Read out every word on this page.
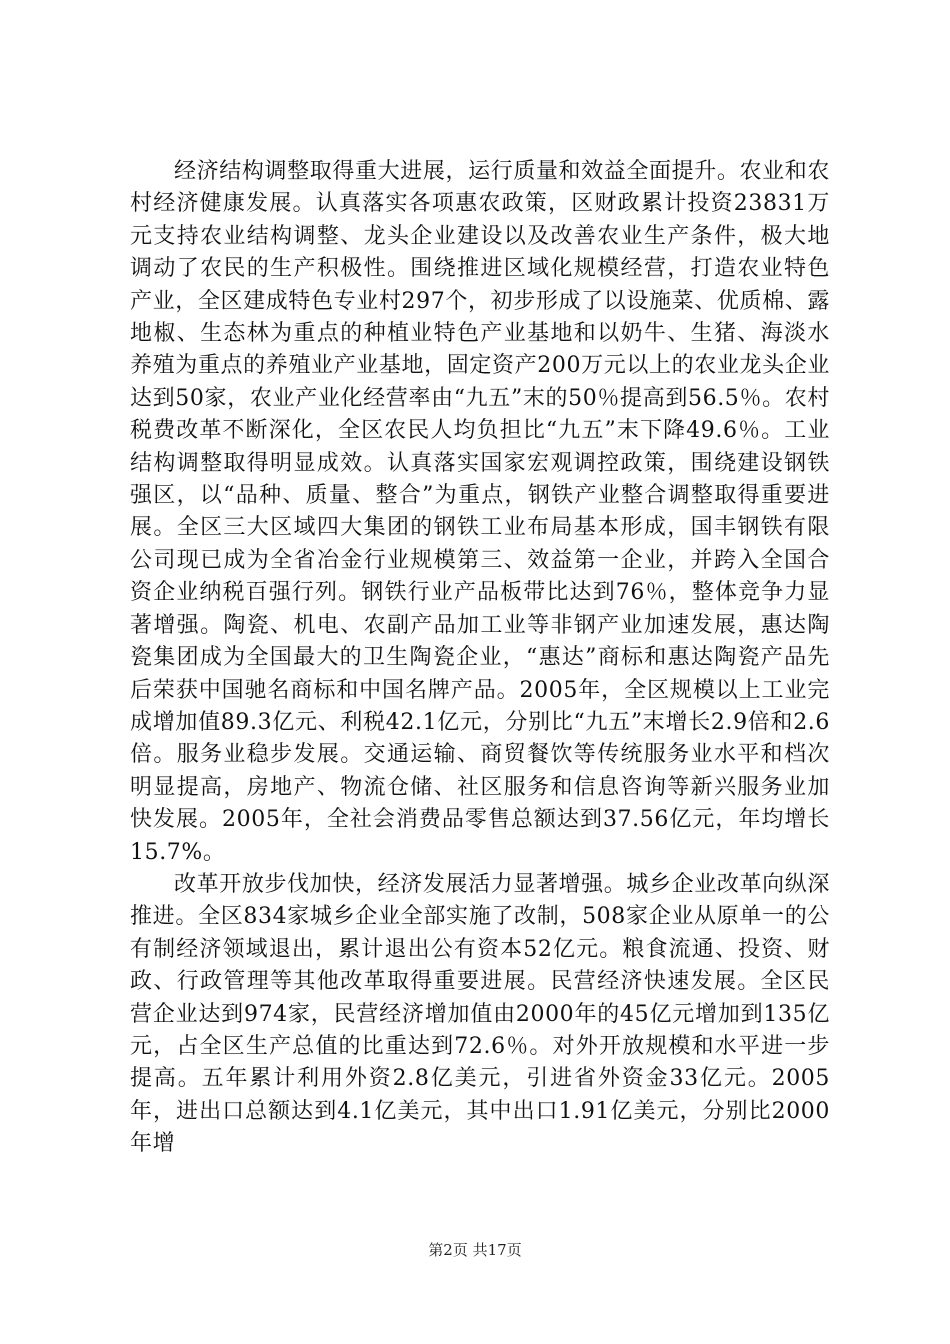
经济结构调整取得重大进展，运行质量和效益全面提升。农业和农村经济健康发展。认真落实各项惠农政策，区财政累计投资23831万元支持农业结构调整、龙头企业建设以及改善农业生产条件，极大地调动了农民的生产积极性。围绕推进区域化规模经营，打造农业特色产业，全区建成特色专业村297个，初步形成了以设施菜、优质棉、露地椒、生态林为重点的种植业特色产业基地和以奶牛、生猪、海淡水养殖为重点的养殖业产业基地，固定资产200万元以上的农业龙头企业达到50家，农业产业化经营率由“九五”末的50％提高到56.5％。农村税费改革不断深化，全区农民人均负担比“九五”末下降49.6％。工业结构调整取得明显成效。认真落实国家宏观调控政策，围绕建设钢铁强区，以“品种、质量、整合”为重点，钢铁产业整合调整取得重要进展。全区三大区域四大集团的钢铁工业布局基本形成，国丰钢铁有限公司现已成为全省冶金行业规模第三、效益第一企业，并跨入全国合资企业纳税百强行列。钢铁行业产品板带比达到76％，整体竞争力显著增强。陶瓷、机电、农副产品加工业等非钢产业加速发展，惠达陶瓷集团成为全国最大的卫生陶瓷企业，“惠达”商标和惠达陶瓷产品先后荣获中国驰名商标和中国名牌产品。2005年，全区规模以上工业完成增加值89.3亿元、利税42.1亿元，分别比“九五”末增长2.9倍和2.6倍。服务业稳步发展。交通运输、商贸餐饮等传统服务业水平和档次明显提高，房地产、物流仓储、社区服务和信息咨询等新兴服务业加快发展。2005年，全社会消费品零售总额达到37.56亿元，年均增长15.7%。

改革开放步伐加快，经济发展活力显著增强。城乡企业改革向纵深推进。全区834家城乡企业全部实施了改制，508家企业从原单一的公有制经济领域退出，累计退出公有资本52亿元。粮食流通、投资、财政、行政管理等其他改革取得重要进展。民营经济快速发展。全区民营企业达到974家，民营经济增加值由2000年的45亿元增加到135亿元，占全区生产总值的比重达到72.6％。对外开放规模和水平进一步提高。五年累计利用外资2.8亿美元，引进省外资金33亿元。2005年，进出口总额达到4.1亿美元，其中出口1.91亿美元，分别比2000年增

第2页 共17页
